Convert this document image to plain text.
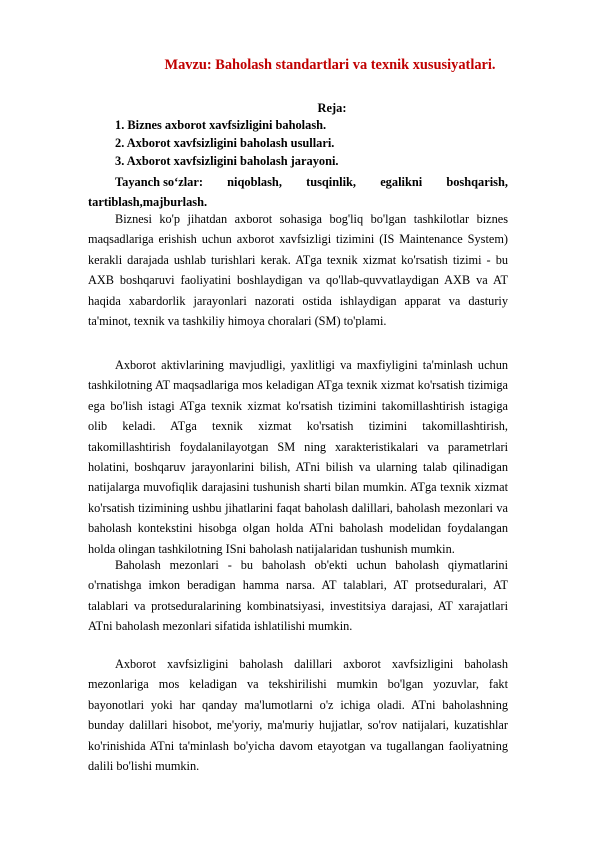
Mavzu: Baholash standartlari va texnik xususiyatlari.
Reja:
1. Biznes axborot xavfsizligini baholash.
2. Axborot xavfsizligini baholash usullari.
3. Axborot xavfsizligini baholash jarayoni.
Tayanch so‘zlar: niqoblash, tusqinlik, egalikni boshqarish,
tartiblash,majburlash.

Biznesi ko'p jihatdan axborot sohasiga bog'liq bo'lgan tashkilotlar biznes maqsadlariga erishish uchun axborot xavfsizligi tizimini (IS Maintenance System) kerakli darajada ushlab turishlari kerak. ATga texnik xizmat ko'rsatish tizimi - bu AXB boshqaruvi faoliyatini boshlaydigan va qo'llab-quvvatlaydigan AXB va AT haqida xabardorlik jarayonlari nazorati ostida ishlaydigan apparat va dasturiy ta'minot, texnik va tashkiliy himoya choralari (SM) to'plami.

Axborot aktivlarining mavjudligi, yaxlitligi va maxfiyligini ta'minlash uchun tashkilotning AT maqsadlariga mos keladigan ATga texnik xizmat ko'rsatish tizimiga ega bo'lish istagi ATga texnik xizmat ko'rsatish tizimini takomillashtirish istagiga olib keladi. ATga texnik xizmat ko'rsatish tizimini takomillashtirish, takomillashtirish foydalanilayotgan SM ning xarakteristikalari va parametrlari holatini, boshqaruv jarayonlarini bilish, ATni bilish va ularning talab qilinadigan natijalarga muvofiqlik darajasini tushunish sharti bilan mumkin. ATga texnik xizmat ko'rsatish tizimining ushbu jihatlarini faqat baholash dalillari, baholash mezonlari va baholash kontekstini hisobga olgan holda ATni baholash modelidan foydalangan holda olingan tashkilotning ISni baholash natijalaridan tushunish mumkin.

Baholash mezonlari - bu baholash ob'ekti uchun baholash qiymatlarini o'rnatishga imkon beradigan hamma narsa. AT talablari, AT protseduralari, AT talablari va protseduralarining kombinatsiyasi, investitsiya darajasi, AT xarajatlari ATni baholash mezonlari sifatida ishlatilishi mumkin.

Axborot xavfsizligini baholash dalillari axborot xavfsizligini baholash mezonlariga mos keladigan va tekshirilishi mumkin bo'lgan yozuvlar, fakt bayonotlari yoki har qanday ma'lumotlarni o'z ichiga oladi. ATni baholashning bunday dalillari hisobot, me'yoriy, ma'muriy hujjatlar, so'rov natijalari, kuzatishlar ko'rinishida ATni ta'minlash bo'yicha davom etayotgan va tugallangan faoliyatning dalili bo'lishi mumkin.
